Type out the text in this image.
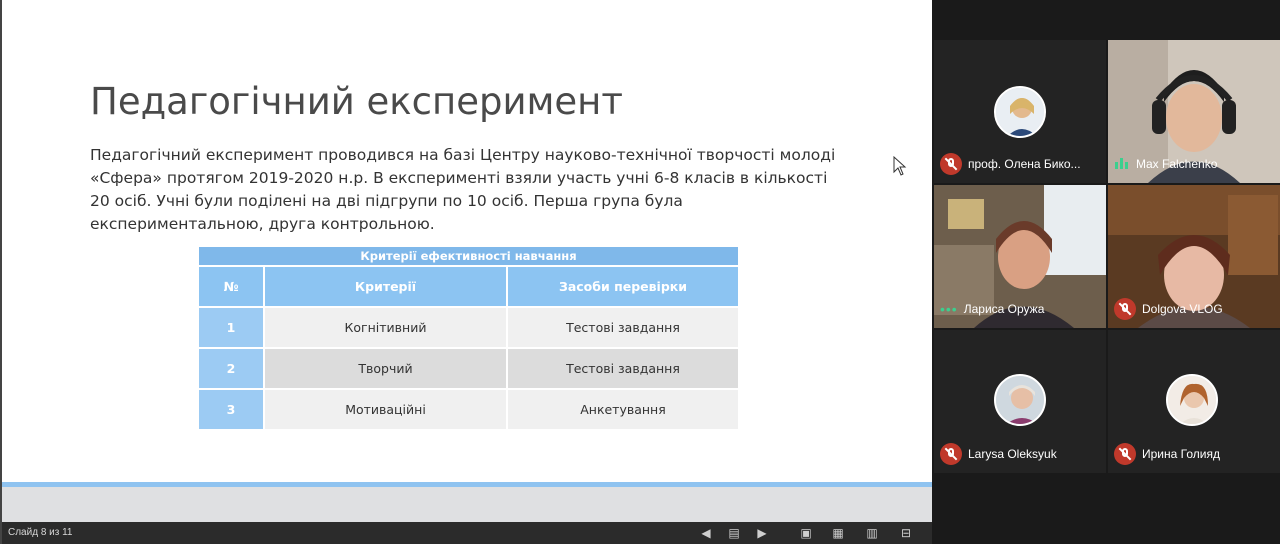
Педагогічний експеримент

Педагогічний експеримент проводився на базі Центру науково-технічної творчості молоді «Сфера» протягом 2019-2020 н.р. В експерименті взяли участь учні 6-8 класів в кількості 20 осіб. Учні були поділені на дві підгрупи по 10 осіб. Перша група була експериментальною, друга контрольною.

Критерії ефективності навчання		
№	Критерії	Засоби перевірки
1	Когнітивний	Тестові завдання
2	Творчий	Тестові завдання
3	Мотиваційні	Анкетування
Слайд 8 из 11	◀ ▤ ▶	▣ ▦ ▥ ⊟
проф. Олена Бико...	Max Falchenko
••• Лариса Оружа	Dolgova VLOG
Larysa Oleksyuk	Ирина Голияд
